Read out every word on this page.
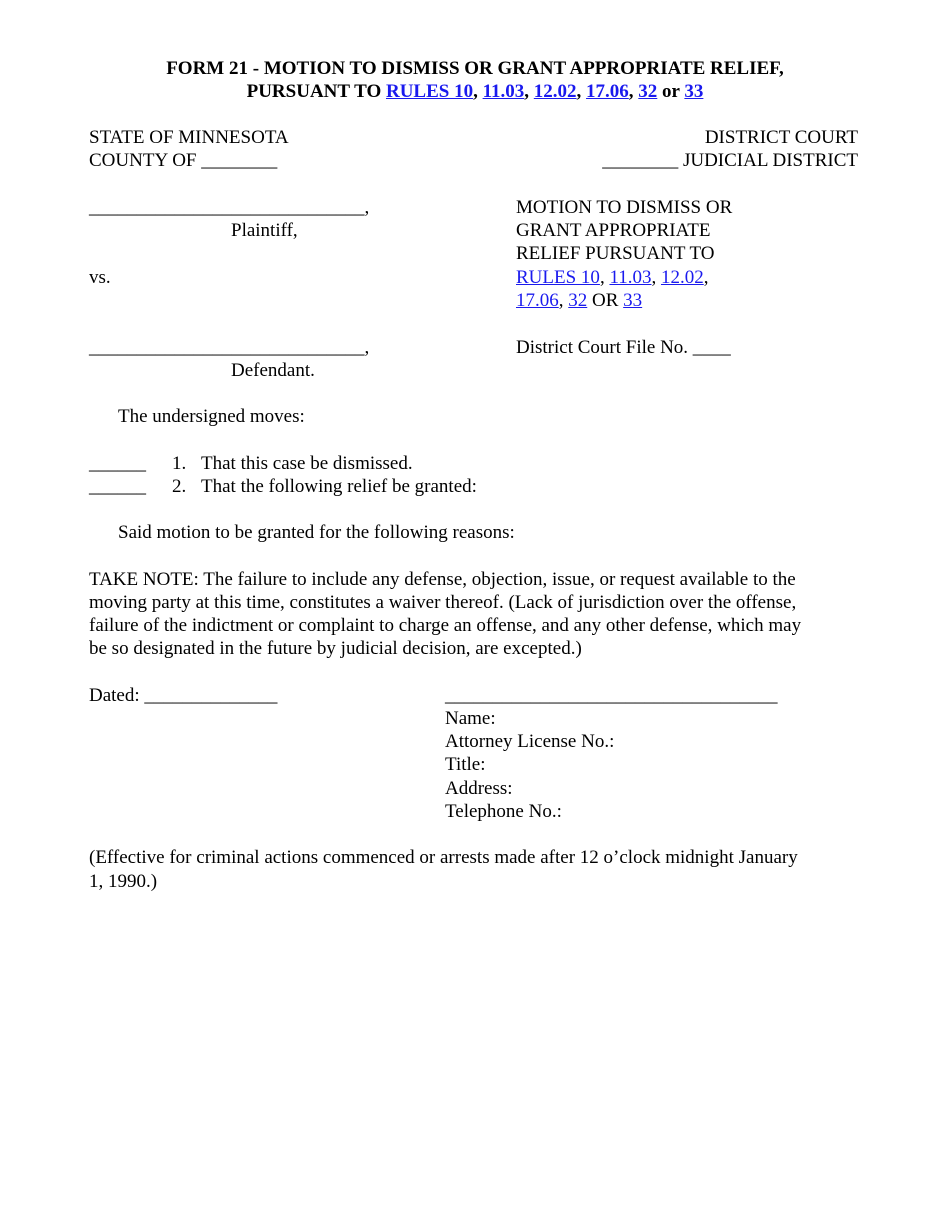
FORM 21 - MOTION TO DISMISS OR GRANT APPROPRIATE RELIEF,
PURSUANT TO RULES 10, 11.03, 12.02, 17.06, 32 or 33
STATE OF MINNESOTA
COUNTY OF ________
DISTRICT COURT
________ JUDICIAL DISTRICT
_____________________________,
Plaintiff,
vs.
_____________________________,
Defendant.
MOTION TO DISMISS OR
GRANT APPROPRIATE
RELIEF PURSUANT TO
RULES 10, 11.03, 12.02,
17.06, 32 OR 33
District Court File No. ____
The undersigned moves:
______ 1. That this case be dismissed.
______ 2. That the following relief be granted:
Said motion to be granted for the following reasons:
TAKE NOTE: The failure to include any defense, objection, issue, or request available to the
moving party at this time, constitutes a waiver thereof. (Lack of jurisdiction over the offense,
failure of the indictment or complaint to charge an offense, and any other defense, which may
be so designated in the future by judicial decision, are excepted.)
Dated: ______________	___________________________________
Name:
Attorney License No.:
Title:
Address:
Telephone No.:
(Effective for criminal actions commenced or arrests made after 12 o’clock midnight January
1, 1990.)
